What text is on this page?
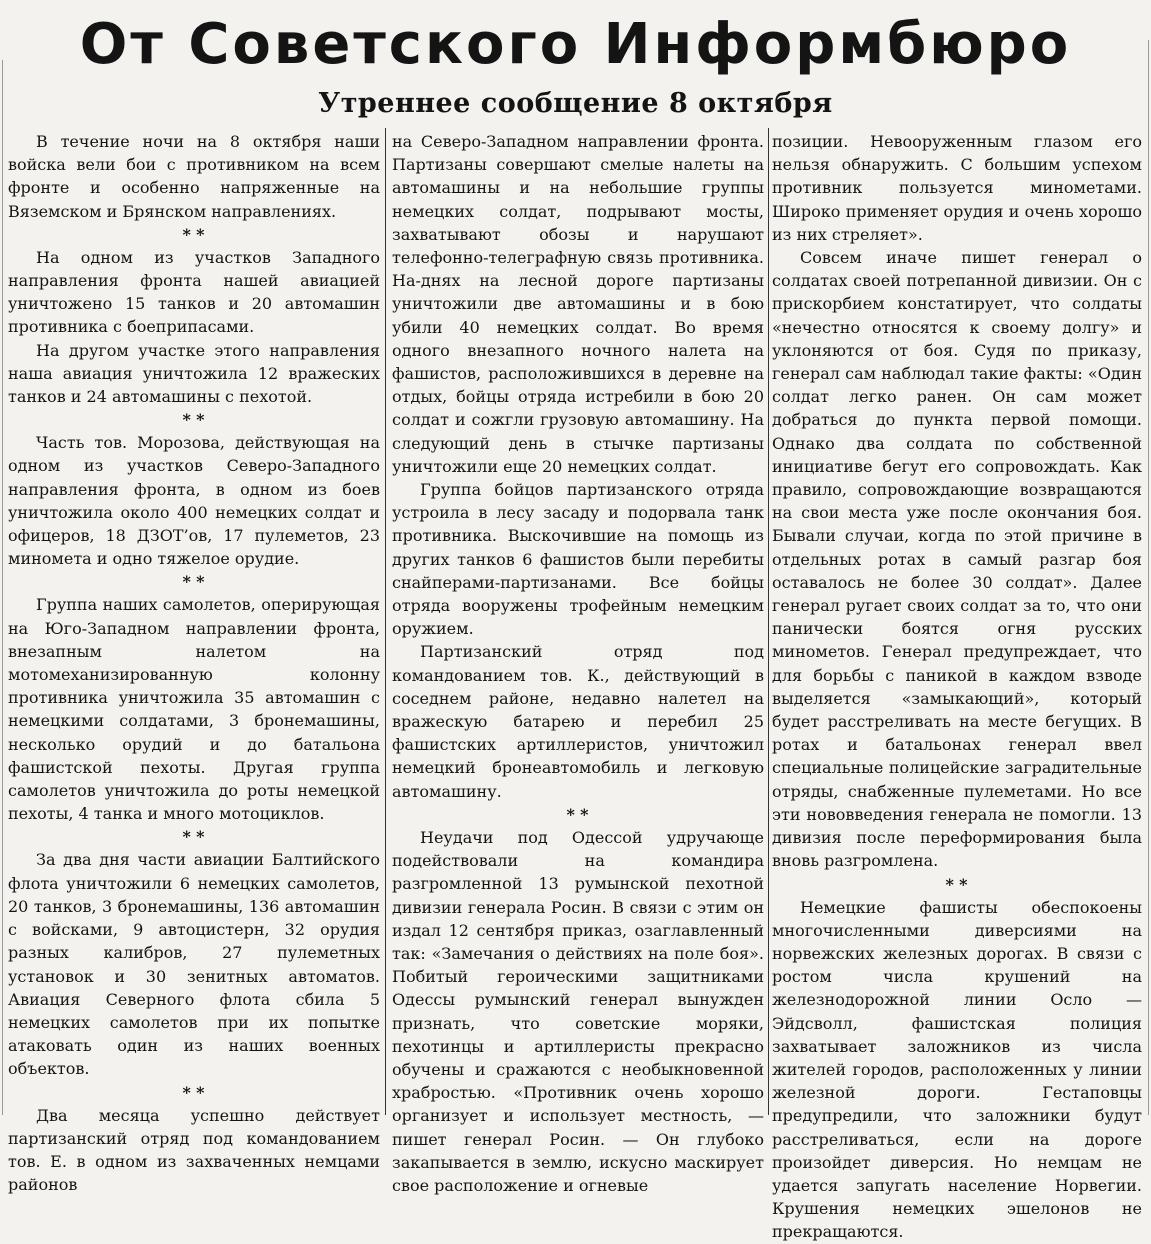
От Советского Информбюро
Утреннее сообщение 8 октября

В течение ночи на 8 октября наши войска вели бои с противником на всем фронте и особенно напряженные на Вяземском и Брянском направлениях.

* *

На одном из участков Западного направления фронта нашей авиацией уничтожено 15 танков и 20 автомашин противника с боеприпасами.

На другом участке этого направления наша авиация уничтожила 12 вражеских танков и 24 автомашины с пехотой.

* *

Часть тов. Морозова, действующая на одном из участков Северо-Западного направления фронта, в одном из боев уничтожила около 400 немецких солдат и офицеров, 18 ДЗОТ’ов, 17 пулеметов, 23 миномета и одно тяжелое орудие.

* *

Группа наших самолетов, оперирующая на Юго-Западном направлении фронта, внезапным налетом на мотомеханизированную колонну противника уничтожила 35 автомашин с немецкими солдатами, 3 бронемашины, несколько орудий и до батальона фашистской пехоты. Другая группа самолетов уничтожила до роты немецкой пехоты, 4 танка и много мотоциклов.

* *

За два дня части авиации Балтийского флота уничтожили 6 немецких самолетов, 20 танков, 3 бронемашины, 136 автомашин с войсками, 9 автоцистерн, 32 орудия разных калибров, 27 пулеметных установок и 30 зенитных автоматов. Авиация Северного флота сбила 5 немецких самолетов при их попытке атаковать один из наших военных объектов.

* *

Два месяца успешно действует партизанский отряд под командованием тов. Е. в одном из захваченных немцами районов

на Северо-Западном направлении фронта. Партизаны совершают смелые налеты на автомашины и на небольшие группы немецких солдат, подрывают мосты, захватывают обозы и нарушают телефонно-телеграфную связь противника. На-днях на лесной дороге партизаны уничтожили две автомашины и в бою убили 40 немецких солдат. Во время одного внезапного ночного налета на фашистов, расположившихся в деревне на отдых, бойцы отряда истребили в бою 20 солдат и сожгли грузовую автомашину. На следующий день в стычке партизаны уничтожили еще 20 немецких солдат.

Группа бойцов партизанского отряда устроила в лесу засаду и подорвала танк противника. Выскочившие на помощь из других танков 6 фашистов были перебиты снайперами-партизанами. Все бойцы отряда вооружены трофейным немецким оружием.

Партизанский отряд под командованием тов. К., действующий в соседнем районе, недавно налетел на вражескую батарею и перебил 25 фашистских артиллеристов, уничтожил немецкий бронеавтомобиль и легковую автомашину.

* *

Неудачи под Одессой удручающе подействовали на командира разгромленной 13 румынской пехотной дивизии генерала Росин. В связи с этим он издал 12 сентября приказ, озаглавленный так: «Замечания о действиях на поле боя». Побитый героическими защитниками Одессы румынский генерал вынужден признать, что советские моряки, пехотинцы и артиллеристы прекрасно обучены и сражаются с необыкновенной храбростью. «Противник очень хорошо организует и использует местность, — пишет генерал Росин. — Он глубоко закапывается в землю, искусно маскирует свое расположение и огневые

позиции. Невооруженным глазом его нельзя обнаружить. С большим успехом противник пользуется минометами. Широко применяет орудия и очень хорошо из них стреляет».

Совсем иначе пишет генерал о солдатах своей потрепанной дивизии. Он с прискорбием констатирует, что солдаты «нечестно относятся к своему долгу» и уклоняются от боя. Судя по приказу, генерал сам наблюдал такие факты: «Один солдат легко ранен. Он сам может добраться до пункта первой помощи. Однако два солдата по собственной инициативе бегут его сопровождать. Как правило, сопровождающие возвращаются на свои места уже после окончания боя. Бывали случаи, когда по этой причине в отдельных ротах в самый разгар боя оставалось не более 30 солдат». Далее генерал ругает своих солдат за то, что они панически боятся огня русских минометов. Генерал предупреждает, что для борьбы с паникой в каждом взводе выделяется «замыкающий», который будет расстреливать на месте бегущих. В ротах и батальонах генерал ввел специальные полицейские заградительные отряды, снабженные пулеметами. Но все эти нововведения генерала не помогли. 13 дивизия после переформирования была вновь разгромлена.

* *

Немецкие фашисты обеспокоены многочисленными диверсиями на норвежских железных дорогах. В связи с ростом числа крушений на железнодорожной линии Осло — Эйдсволл, фашистская полиция захватывает заложников из числа жителей городов, расположенных у линии железной дороги. Гестаповцы предупредили, что заложники будут расстреливаться, если на дороге произойдет диверсия. Но немцам не удается запугать население Норвегии. Крушения немецких эшелонов не прекращаются.
